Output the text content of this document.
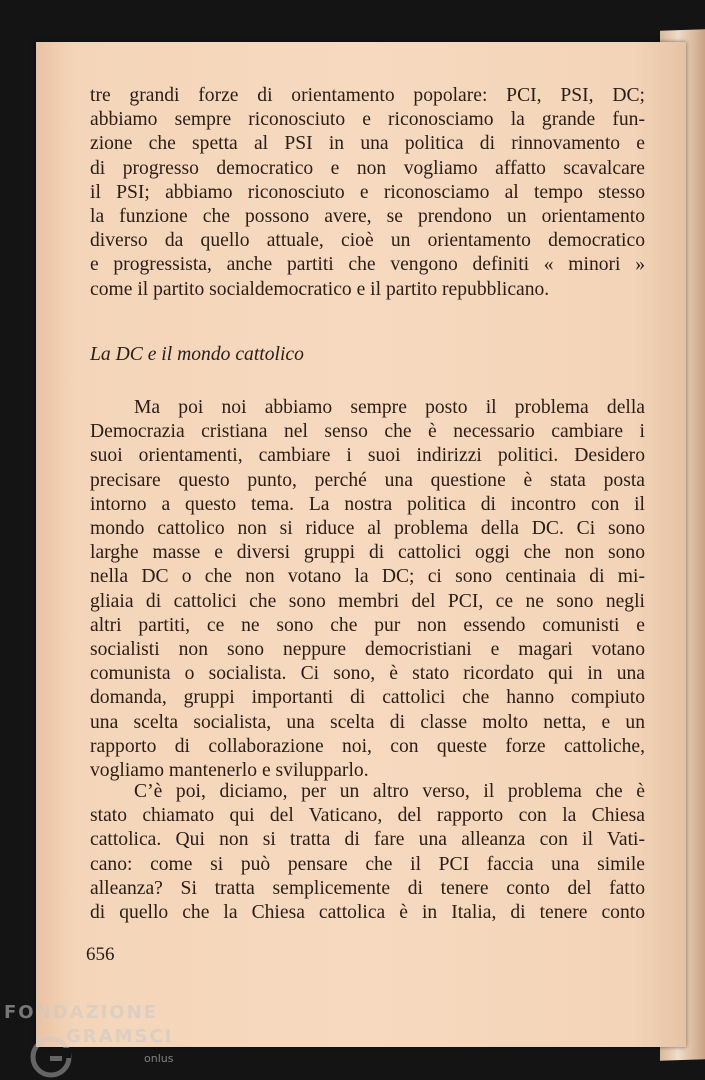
tre grandi forze di orientamento popolare: PCI, PSI, DC;
abbiamo sempre riconosciuto e riconosciamo la grande fun-
zione che spetta al PSI in una politica di rinnovamento e
di progresso democratico e non vogliamo affatto scavalcare
il PSI; abbiamo riconosciuto e riconosciamo al tempo stesso
la funzione che possono avere, se prendono un orientamento
diverso da quello attuale, cioè un orientamento democratico
e progressista, anche partiti che vengono definiti « minori »
come il partito socialdemocratico e il partito repubblicano.
La DC e il mondo cattolico
Ma poi noi abbiamo sempre posto il problema della
Democrazia cristiana nel senso che è necessario cambiare i
suoi orientamenti, cambiare i suoi indirizzi politici. Desidero
precisare questo punto, perché una questione è stata posta
intorno a questo tema. La nostra politica di incontro con il
mondo cattolico non si riduce al problema della DC. Ci sono
larghe masse e diversi gruppi di cattolici oggi che non sono
nella DC o che non votano la DC; ci sono centinaia di mi-
gliaia di cattolici che sono membri del PCI, ce ne sono negli
altri partiti, ce ne sono che pur non essendo comunisti e
socialisti non sono neppure democristiani e magari votano
comunista o socialista. Ci sono, è stato ricordato qui in una
domanda, gruppi importanti di cattolici che hanno compiuto
una scelta socialista, una scelta di classe molto netta, e un
rapporto di collaborazione noi, con queste forze cattoliche,
vogliamo mantenerlo e svilupparlo.
C’è poi, diciamo, per un altro verso, il problema che è
stato chiamato qui del Vaticano, del rapporto con la Chiesa
cattolica. Qui non si tratta di fare una alleanza con il Vati-
cano: come si può pensare che il PCI faccia una simile
alleanza? Si tratta semplicemente di tenere conto del fatto
di quello che la Chiesa cattolica è in Italia, di tenere conto
656
FONDAZIONE
GRAMSCI
onlus
